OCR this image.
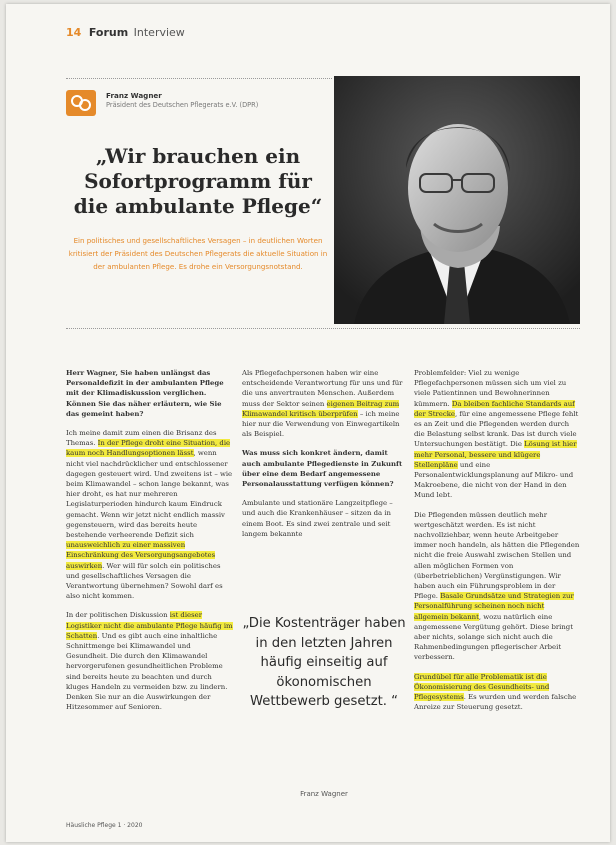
14 Forum Interview
Franz Wagner
Präsident des Deutschen Pflegerats e.V. (DPR)
„Wir brauchen ein Sofortprogramm für die ambulante Pflege“
Ein politisches und gesellschaftliches Versagen – in deutlichen Worten kritisiert der Präsident des Deutschen Pflegerats die aktuelle Situation in der ambulanten Pflege. Es drohe ein Versorgungsnotstand.

Herr Wagner, Sie haben unlängst das Personaldefizit in der ambulanten Pflege mit der Klimadiskussion verglichen. Können Sie das näher erläutern, wie Sie das gemeint haben?

Ich meine damit zum einen die Brisanz des Themas. In der Pflege droht eine Situation, die kaum noch Handlungsoptionen lässt, wenn nicht viel nachdrücklicher und entschlossener dagegen gesteuert wird. Und zweitens ist – wie beim Klimawandel – schon lange bekannt, was hier droht, es hat nur mehreren Legislaturperioden hindurch kaum Eindruck gemacht. Wenn wir jetzt nicht endlich massiv gegensteuern, wird das bereits heute bestehende verheerende Defizit sich unausweichlich zu einer massiven Einschränkung des Versorgungsangebotes auswirken. Wer will für solch ein politisches und gesellschaftliches Versagen die Verantwortung übernehmen? Sowohl darf es also nicht kommen.

In der politischen Diskussion ist dieser Logistiker nicht die ambulante Pflege häufig im Schatten. Und es gibt auch eine inhaltliche Schnittmenge bei Klimawandel und Gesundheit. Die durch den Klimawandel hervorgerufenen gesundheitlichen Probleme sind bereits heute zu beachten und durch kluges Handeln zu vermeiden bzw. zu lindern. Denken Sie nur an die Auswirkungen der Hitzesommer auf Senioren.

Als Pflegefachpersonen haben wir eine entscheidende Verantwortung für uns und für die uns anvertrauten Menschen. Außerdem muss der Sektor seinen eigenen Beitrag zum Klimawandel kritisch überprüfen – ich meine hier nur die Verwendung von Einwegartikeln als Beispiel.

Was muss sich konkret ändern, damit auch ambulante Pflegedienste in Zukunft über eine dem Bedarf angemessene Personalausstattung verfügen können?

Ambulante und stationäre Langzeitpflege – und auch die Krankenhäuser – sitzen da in einem Boot. Es sind zwei zentrale und seit langem bekannte

Problemfelder: Viel zu wenige Pflegefachpersonen müssen sich um viel zu viele Patientinnen und Bewohnerinnen kümmern. Da bleiben fachliche Standards auf der Strecke, für eine angemessene Pflege fehlt es an Zeit und die Pflegenden werden durch die Belastung selbst krank. Das ist durch viele Untersuchungen bestätigt. Die Lösung ist hier mehr Personal, bessere und klügere Stellenpläne und eine Personalentwicklungsplanung auf Mikro- und Makroebene, die nicht von der Hand in den Mund lebt.

Die Pflegenden müssen deutlich mehr wertgeschätzt werden. Es ist nicht nachvollziehbar, wenn heute Arbeitgeber immer noch handeln, als hätten die Pflegenden nicht die freie Auswahl zwischen Stellen und allen möglichen Formen von (überbetrieblichen) Vergünstigungen. Wir haben auch ein Führungsproblem in der Pflege. Basale Grundsätze und Strategien zur Personalführung scheinen noch nicht allgemein bekannt, wozu natürlich eine angemessene Vergütung gehört. Diese bringt aber nichts, solange sich nicht auch die Rahmenbedingungen pflegerischer Arbeit verbessern.

Grundübel für alle Problematik ist die Ökonomisierung des Gesundheits- und Pflegesystems. Es wurden und werden falsche Anreize zur Steuerung gesetzt.

„Die Kostenträger haben in den letzten Jahren häufig einseitig auf ökonomischen Wettbewerb gesetzt. “
Franz Wagner
Häusliche Pflege 1 · 2020
